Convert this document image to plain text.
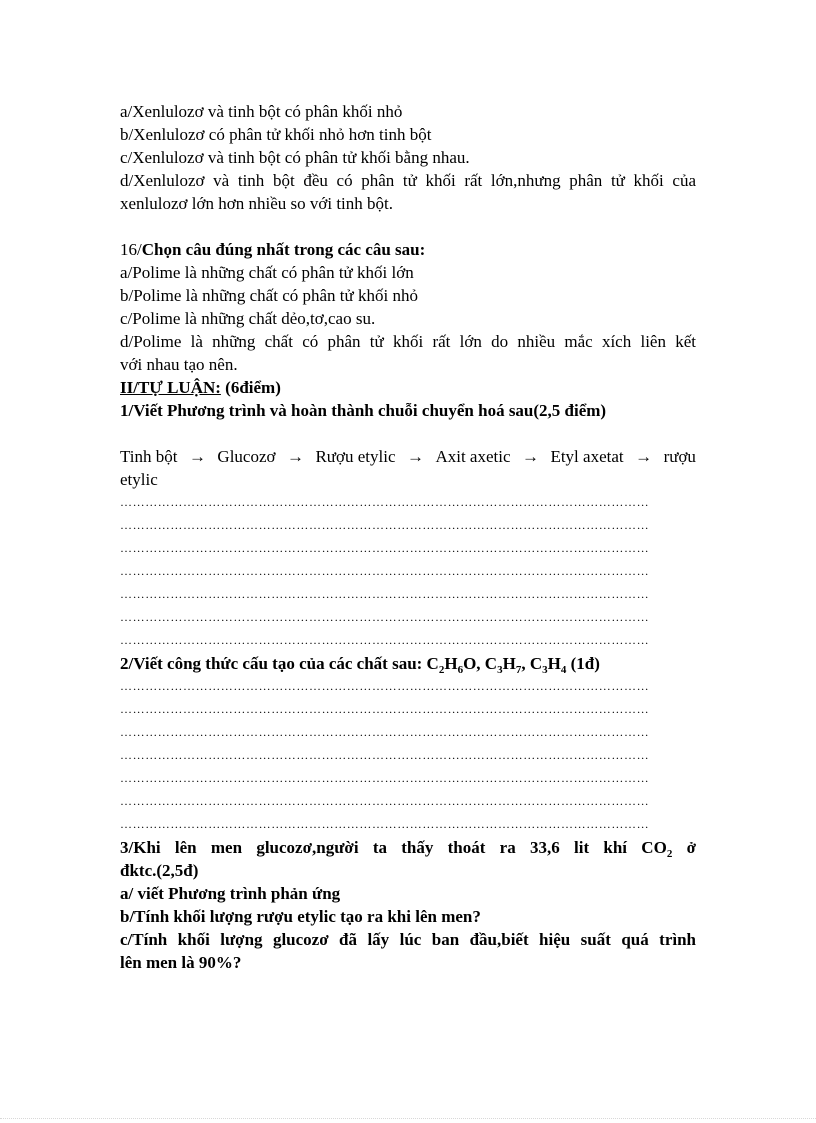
a/Xenlulozơ và tinh bột có phân khối nhỏ

b/Xenlulozơ có phân tử khối nhỏ hơn tinh bột

c/Xenlulozơ và tinh bột có phân tử khối bằng nhau.

d/Xenlulozơ và tinh bột đều có phân tử khối rất lớn,nhưng phân tử khối của

xenlulozơ lớn hơn nhiều so với tinh bột.

16/Chọn câu đúng nhất trong các câu sau:

a/Polime là những chất có phân tử khối lớn

b/Polime là những chất có phân tử khối nhỏ

c/Polime là những chất dẻo,tơ,cao su.

d/Polime là những chất có phân tử khối rất lớn do nhiều mắc xích liên kết

với nhau tạo nên.

II/TỰ LUẬN: (6điểm)

1/Viết Phương trình và hoàn thành chuỗi chuyển hoá sau(2,5 điểm)

Tinh bột → Glucozơ → Rượu etylic → Axit axetic → Etyl axetat → rượu

etylic

………………………………………………………………………………………………………………
………………………………………………………………………………………………………………
………………………………………………………………………………………………………………
………………………………………………………………………………………………………………
………………………………………………………………………………………………………………
………………………………………………………………………………………………………………
………………………………………………………………………………………………………………

2/Viết công thức cấu tạo của các chất sau: $C_2H_6O$, $C_3H_7$, $C_3H_4$ (1đ)

………………………………………………………………………………………………………………
………………………………………………………………………………………………………………
………………………………………………………………………………………………………………
………………………………………………………………………………………………………………
………………………………………………………………………………………………………………
………………………………………………………………………………………………………………
………………………………………………………………………………………………………………

3/Khi lên men glucozơ,người ta thấy thoát ra 33,6 lit khí $CO_2$ ở

đktc.(2,5đ)

a/ viết Phương trình phản ứng

b/Tính khối lượng rượu etylic tạo ra khi lên men?

c/Tính khối lượng glucozơ đã lấy lúc ban đầu,biết hiệu suất quá trình

lên men là 90%?
